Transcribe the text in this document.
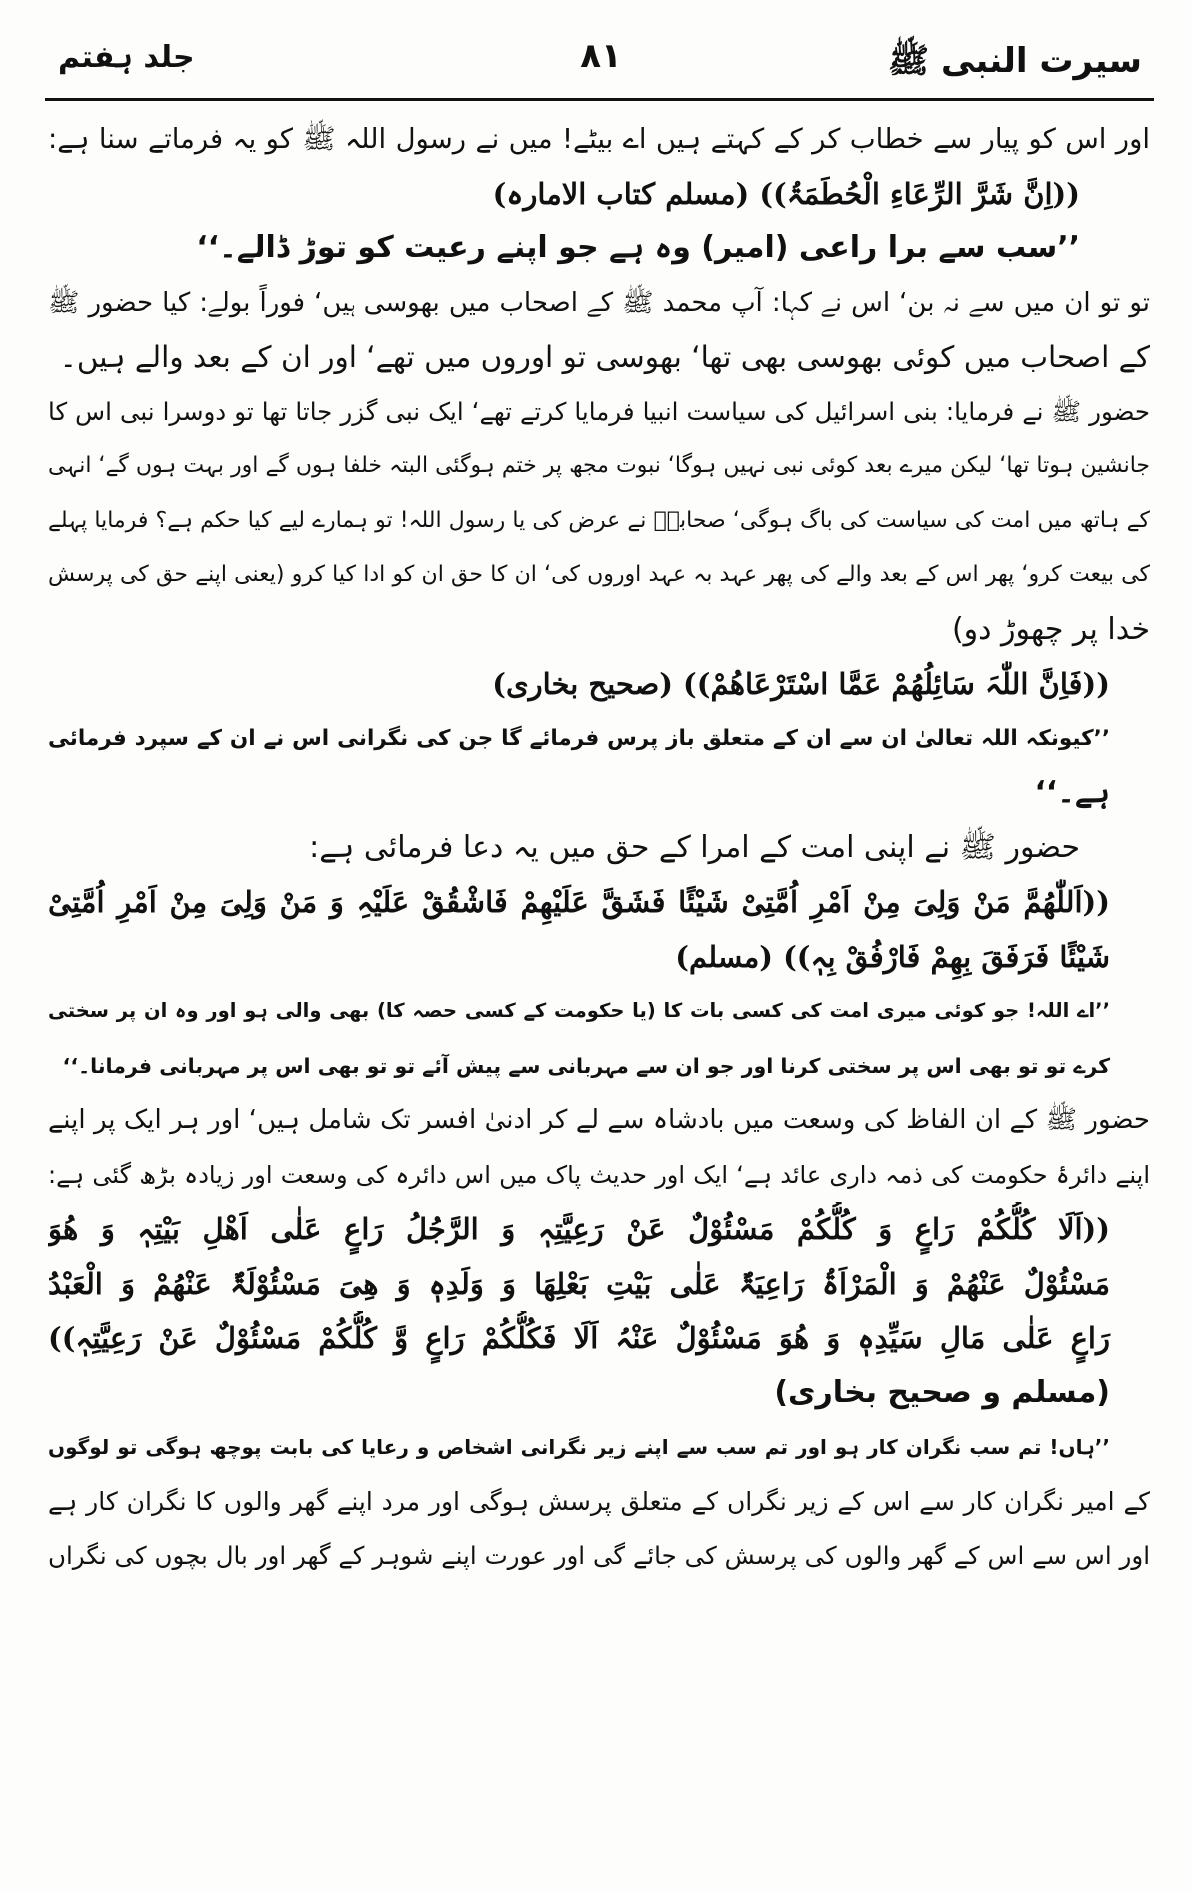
سیرت النبی ﷺ
۸۱
جلد ہفتم
اور اس کو پیار سے خطاب کر کے کہتے ہیں اے بیٹے! میں نے رسول اللہ ﷺ کو یہ فرماتے سنا ہے:
((اِنَّ شَرَّ الرِّعَاءِ الْحُطَمَۃُ)) (مسلم کتاب الامارہ)
’’سب سے برا راعی (امیر) وہ ہے جو اپنے رعیت کو توڑ ڈالے۔‘‘
تو تو ان میں سے نہ بن‘ اس نے کہا: آپ محمد ﷺ کے اصحاب میں بھوسی ہیں‘ فوراً بولے: کیا حضور ﷺ
کے اصحاب میں کوئی بھوسی بھی تھا‘ بھوسی تو اوروں میں تھے‘ اور ان کے بعد والے ہیں۔
حضور ﷺ نے فرمایا: بنی اسرائیل کی سیاست انبیا فرمایا کرتے تھے‘ ایک نبی گزر جاتا تھا تو دوسرا نبی اس کا
جانشین ہوتا تھا‘ لیکن میرے بعد کوئی نبی نہیں ہوگا‘ نبوت مجھ پر ختم ہوگئی البتہ خلفا ہوں گے اور بہت ہوں گے‘ انہی
کے ہاتھ میں امت کی سیاست کی باگ ہوگی‘ صحابہؓ نے عرض کی یا رسول اللہ! تو ہمارے لیے کیا حکم ہے؟ فرمایا پہلے
کی بیعت کرو‘ پھر اس کے بعد والے کی پھر عہد بہ عہد اوروں کی‘ ان کا حق ان کو ادا کیا کرو (یعنی اپنے حق کی پرسش
خدا پر چھوڑ دو)
((فَاِنَّ اللّٰہَ سَائِلُھُمْ عَمَّا اسْتَرْعَاھُمْ)) (صحیح بخاری)
’’کیونکہ اللہ تعالیٰ ان سے ان کے متعلق باز پرس فرمائے گا جن کی نگرانی اس نے ان کے سپرد فرمائی
ہے۔‘‘
حضور ﷺ نے اپنی امت کے امرا کے حق میں یہ دعا فرمائی ہے:
((اَللّٰھُمَّ مَنْ وَلِیَ مِنْ اَمْرِ اُمَّتِیْ شَیْئًا فَشَقَّ عَلَیْھِمْ فَاشْقُقْ عَلَیْہِ وَ مَنْ وَلِیَ مِنْ اَمْرِ اُمَّتِیْ
شَیْئًا فَرَفَقَ بِھِمْ فَارْفُقْ بِہٖ)) (مسلم)
’’اے اللہ! جو کوئی میری امت کی کسی بات کا (یا حکومت کے کسی حصہ کا) بھی والی ہو اور وہ ان پر سختی
کرے تو تو بھی اس پر سختی کرنا اور جو ان سے مہربانی سے پیش آئے تو تو بھی اس پر مہربانی فرمانا۔‘‘
حضور ﷺ کے ان الفاظ کی وسعت میں بادشاہ سے لے کر ادنیٰ افسر تک شامل ہیں‘ اور ہر ایک پر اپنے
اپنے دائرۂ حکومت کی ذمہ داری عائد ہے‘ ایک اور حدیث پاک میں اس دائرہ کی وسعت اور زیادہ بڑھ گئی ہے:
((اَلَا کُلُّکُمْ رَاعٍ وَ کُلُّکُمْ مَسْئُوْلٌ عَنْ رَعِیَّتِہٖ وَ الرَّجُلُ رَاعٍ عَلٰی اَھْلِ بَیْتِہٖ وَ ھُوَ
مَسْئُوْلٌ عَنْھُمْ وَ الْمَرْاَۃُ رَاعِیَۃٌ عَلٰی بَیْتِ بَعْلِھَا وَ وَلَدِہٖ وَ ھِیَ مَسْئُوْلَۃٌ عَنْھُمْ وَ الْعَبْدُ
رَاعٍ عَلٰی مَالِ سَیِّدِہٖ وَ ھُوَ مَسْئُوْلٌ عَنْہُ اَلَا فَکُلُّکُمْ رَاعٍ وَّ کُلُّکُمْ مَسْئُوْلٌ عَنْ رَعِیَّتِہٖ))
(مسلم و صحیح بخاری)
’’ہاں! تم سب نگران کار ہو اور تم سب سے اپنے زیر نگرانی اشخاص و رعایا کی بابت پوچھ ہوگی تو لوگوں
کے امیر نگران کار سے اس کے زیر نگراں کے متعلق پرسش ہوگی اور مرد اپنے گھر والوں کا نگران کار ہے
اور اس سے اس کے گھر والوں کی پرسش کی جائے گی اور عورت اپنے شوہر کے گھر اور بال بچوں کی نگراں
